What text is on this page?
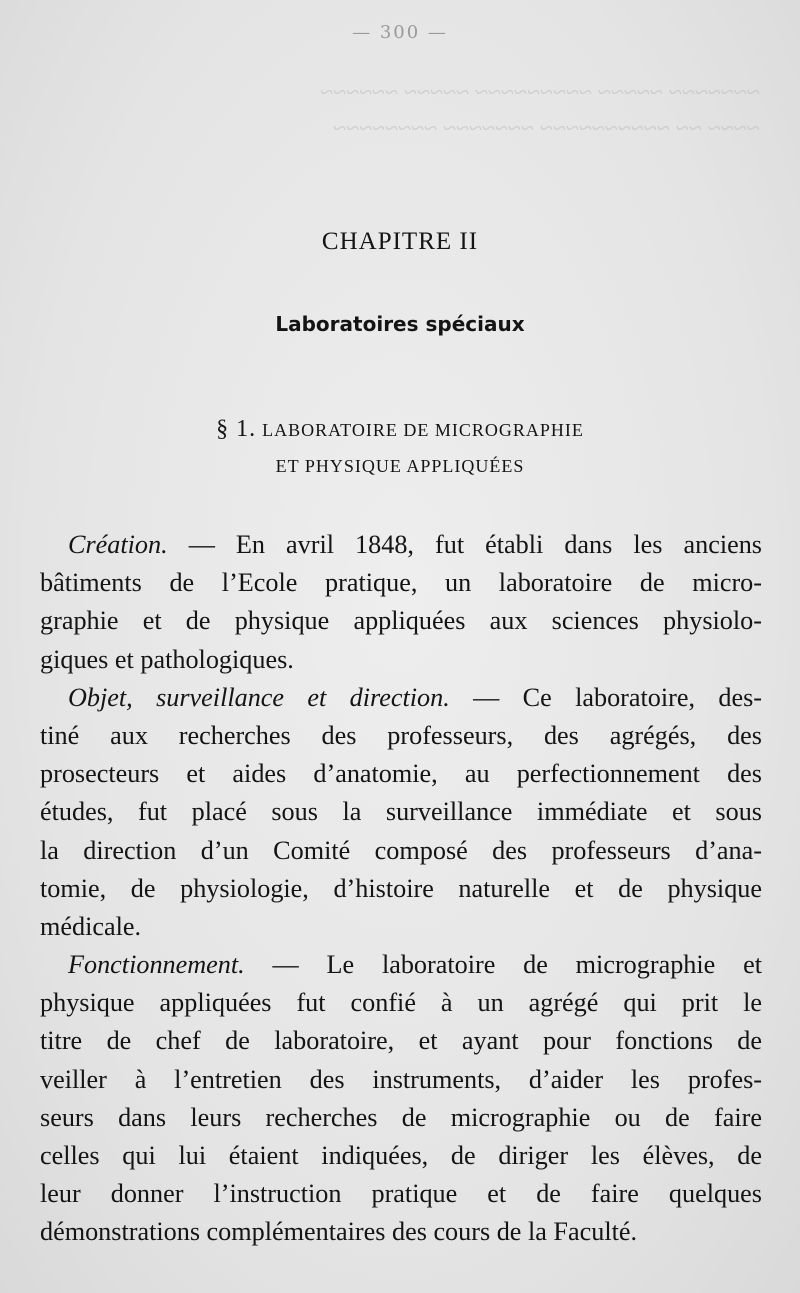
— 300 —
~~~~~~~ ~~~~~ ~~~~~~~~~ ~~~~~ ~~~~~~
~~~~ ~~ ~~~~~~~~~~ ~~~~~~~ ~~~~~~~~
CHAPITRE II
Laboratoires spéciaux
§ 1. LABORATOIRE DE MICROGRAPHIE
ET PHYSIQUE APPLIQUÉES
Création. — En avril 1848, fut établi dans les anciens
bâtiments de l’Ecole pratique, un laboratoire de micro-
graphie et de physique appliquées aux sciences physiolo-
giques et pathologiques.
Objet, surveillance et direction. — Ce laboratoire, des-
tiné aux recherches des professeurs, des agrégés, des
prosecteurs et aides d’anatomie, au perfectionnement des
études, fut placé sous la surveillance immédiate et sous
la direction d’un Comité composé des professeurs d’ana-
tomie, de physiologie, d’histoire naturelle et de physique
médicale.
Fonctionnement. — Le laboratoire de micrographie et
physique appliquées fut confié à un agrégé qui prit le
titre de chef de laboratoire, et ayant pour fonctions de
veiller à l’entretien des instruments, d’aider les profes-
seurs dans leurs recherches de micrographie ou de faire
celles qui lui étaient indiquées, de diriger les élèves, de
leur donner l’instruction pratique et de faire quelques
démonstrations complémentaires des cours de la Faculté.
